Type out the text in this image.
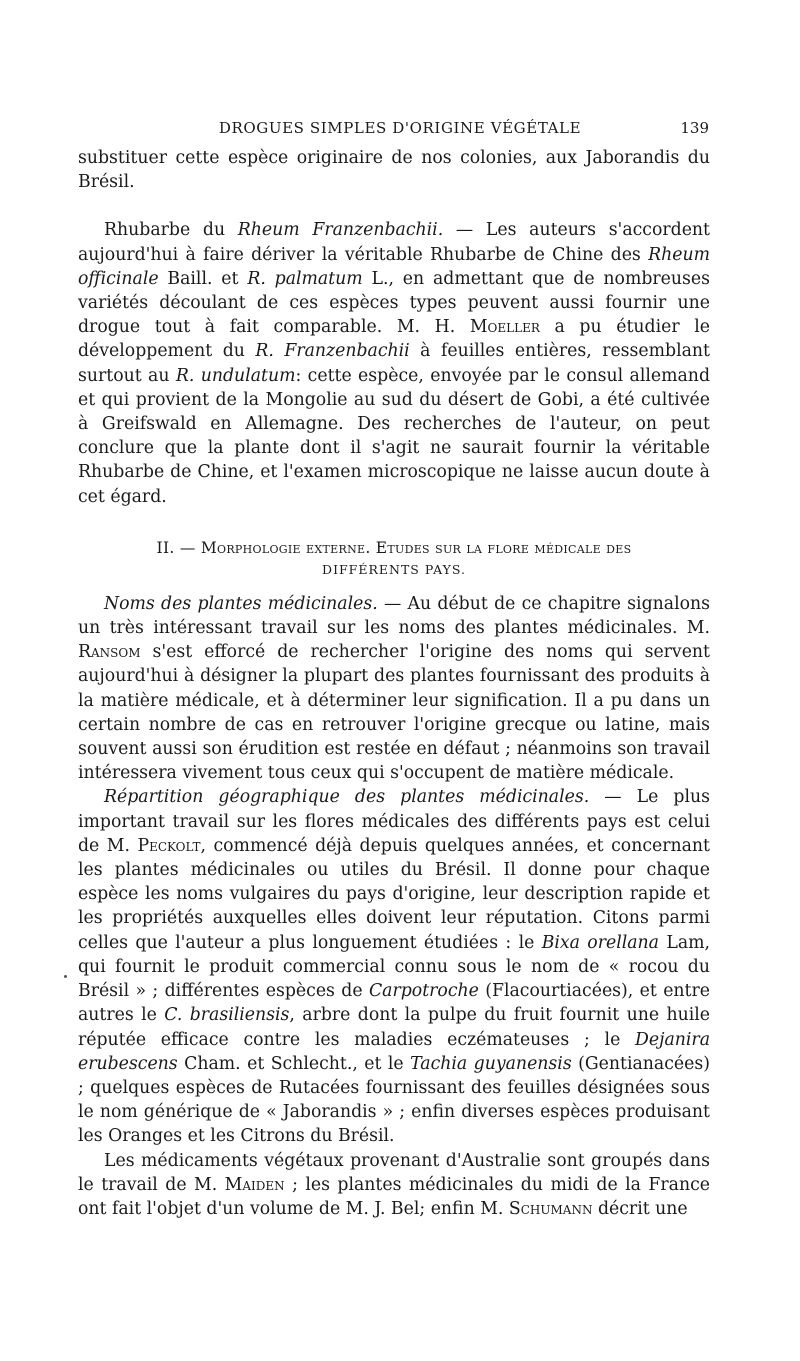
DROGUES SIMPLES D'ORIGINE VÉGÉTALE	139

substituer cette espèce originaire de nos colonies, aux Jaborandis du Brésil.

Rhubarbe du Rheum Franzenbachii. — Les auteurs s'accordent aujourd'hui à faire dériver la véritable Rhubarbe de Chine des Rheum officinale Baill. et R. palmatum L., en admettant que de nombreuses variétés découlant de ces espèces types peuvent aussi fournir une drogue tout à fait comparable. M. H. Moeller a pu étudier le développement du R. Franzenbachii à feuilles entières, ressemblant surtout au R. undulatum: cette espèce, envoyée par le consul allemand et qui provient de la Mongolie au sud du désert de Gobi, a été cultivée à Greifswald en Allemagne. Des recherches de l'auteur, on peut conclure que la plante dont il s'agit ne saurait fournir la véritable Rhubarbe de Chine, et l'examen microscopique ne laisse aucun doute à cet égard.

II. — Morphologie externe. Etudes sur la flore médicale des

DIFFÉRENTS PAYS.

Noms des plantes médicinales. — Au début de ce chapitre signalons un très intéressant travail sur les noms des plantes médicinales. M. Ransom s'est efforcé de rechercher l'origine des noms qui servent aujourd'hui à désigner la plupart des plantes fournissant des produits à la matière médicale, et à déterminer leur signification. Il a pu dans un certain nombre de cas en retrouver l'origine grecque ou latine, mais souvent aussi son érudition est restée en défaut ; néanmoins son travail intéressera vivement tous ceux qui s'occupent de matière médicale.

Répartition géographique des plantes médicinales. — Le plus important travail sur les flores médicales des différents pays est celui de M. Peckolt, commencé déjà depuis quelques années, et concernant les plantes médicinales ou utiles du Brésil. Il donne pour chaque espèce les noms vulgaires du pays d'origine, leur description rapide et les propriétés auxquelles elles doivent leur réputation. Citons parmi celles que l'auteur a plus longuement étudiées : le Bixa orellana Lam, qui fournit le produit commercial connu sous le nom de « rocou du Brésil » ; différentes espèces de Carpotroche (Flacourtiacées), et entre autres le C. brasiliensis, arbre dont la pulpe du fruit fournit une huile réputée efficace contre les maladies eczémateuses ; le Dejanira erubescens Cham. et Schlecht., et le Tachia guyanensis (Gentianacées) ; quelques espèces de Rutacées fournissant des feuilles désignées sous le nom générique de « Jaborandis » ; enfin diverses espèces produisant les Oranges et les Citrons du Brésil.

Les médicaments végétaux provenant d'Australie sont groupés dans le travail de M. Maiden ; les plantes médicinales du midi de la France ont fait l'objet d'un volume de M. J. Bel; enfin M. Schumann décrit une
